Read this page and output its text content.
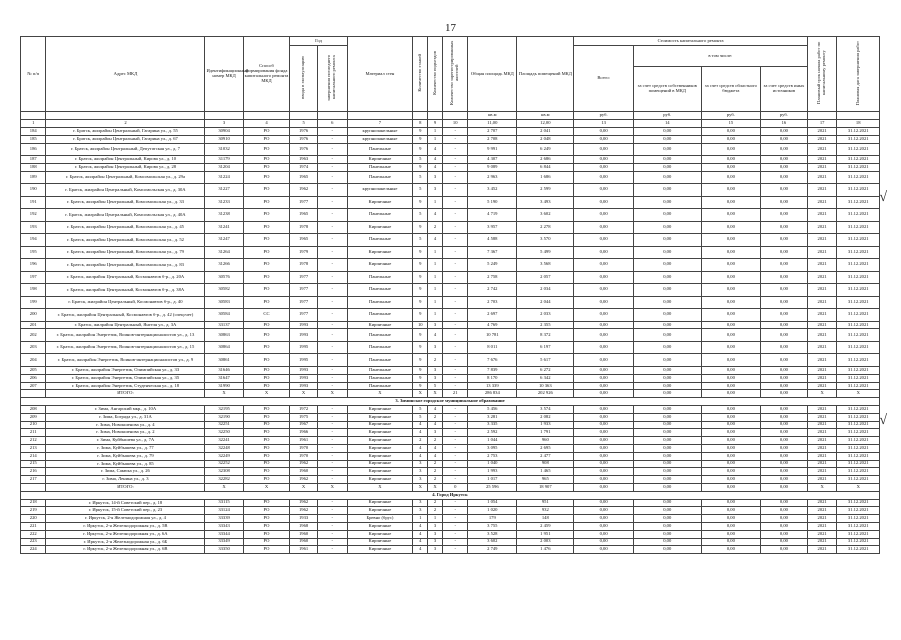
17
√
√
№ п/п	Адрес МКД	Идентификационный номер МКД	Способ формирования фонда капитального ремонта МКД	Год		Материал стен	Количество этажей	Количество подъездов	Количество зарегистрированных жителей	Общая площадь МКД	Площадь помещений МКД	Стоимость капитального ремонта				Плановый срок начала работ по капитальному ремонту	Плановая дата завершения работ
				ввода в эксплуатацию	завершения последнего капитального ремонта							Всего:	в том числе:				
													за счет средств собственников помещений в МКД	за счет средств областного бюджета	за счет средств иных источников		
										кв.м	кв.м	руб.	руб.	руб.	руб.		
1	2	3	4	5	6	7	8	9	10	11,00	12,00	13	14	15	16	17	18
184	г. Братск, жилрайон Центральный, Гагарина ул., д. 55	30904	РО	1976	-	крупнопанельные	9	1	-	2 707	2 041	0,00	0,00	0,00	0,00	2021	31.12.2021
185	г. Братск, жилрайон Центральный, Гагарина ул., д. 67	30910	РО	1976	-	крупнопанельные	9	1	-	2 708	2 048	0,00	0,00	0,00	0,00	2021	31.12.2021
186	г. Братск, жилрайон Центральный, Депутатская ул., д. 7	31032	РО	1976	-	Панельные	9	4	-	9 991	6 249	0,00	0,00	0,00	0,00	2021	31.12.2021
187	г. Братск, жилрайон Центральный, Кирова ул., д. 10	31179	РО	1963	-	Кирпичные	5	4	-	4 307	2 686	0,00	0,00	0,00	0,00	2021	31.12.2021
188	г. Братск, жилрайон Центральный, Кирова ул., д. 28	31204	РО	1974	-	Панельные	9	4	-	9 089	6 844	0,00	0,00	0,00	0,00	2021	31.12.2021
189	г. Братск, жилрайон Центральный, Комсомольская ул., д. 29а	31224	РО	1965	-	Панельные	5	3	-	2 963	1 686	0,00	0,00	0,00	0,00	2021	31.12.2021
190	г. Братск, жилрайон Центральный, Комсомольская ул., д. 30А	31227	РО	1962	-	крупнопанельные	5	3	-	3 452	2 599	0,00	0,00	0,00	0,00	2021	31.12.2021
191	г. Братск, жилрайон Центральный, Комсомольская ул., д. 33	31233	РО	1977	-	Кирпичные	9	1	-	5 190	3 493	0,00	0,00	0,00	0,00	2021	31.12.2021
192	г. Братск, жилрайон Центральный, Комсомольская ул., д. 40А	31238	РО	1965	-	Панельные	5	4	-	4 719	3 602	0,00	0,00	0,00	0,00	2021	31.12.2021
193	г. Братск, жилрайон Центральный, Комсомольская ул., д. 45	31241	РО	1978	-	Кирпичные	9	2	-	3 957	2 278	0,00	0,00	0,00	0,00	2021	31.12.2021
194	г. Братск, жилрайон Центральный, Комсомольская ул., д. 52	31247	РО	1965	-	Панельные	5	4	-	4 588	3 570	0,00	0,00	0,00	0,00	2021	31.12.2021
195	г. Братск, жилрайон Центральный, Комсомольская ул., д. 79	31264	РО	1979	-	Кирпичные	9	1	-	7 367	5 499	0,00	0,00	0,00	0,00	2021	31.12.2021
196	г. Братск, жилрайон Центральный, Комсомольская ул., д. 83	31266	РО	1978	-	Кирпичные	9	1	-	5 249	3 568	0,00	0,00	0,00	0,00	2021	31.12.2021
197	г. Братск, жилрайон Центральный, Космонавтов б-р., д. 20А	30576	РО	1977	-	Панельные	9	1	-	2 758	2 057	0,00	0,00	0,00	0,00	2021	31.12.2021
198	г. Братск, жилрайон Центральный, Космонавтов б-р., д. 38А	30582	РО	1977	-	Панельные	9	1	-	2 742	2 034	0,00	0,00	0,00	0,00	2021	31.12.2021
199	г. Братск, жилрайон Центральный, Космонавтов б-р., д. 40	30583	РО	1977	-	Панельные	9	1	-	2 703	2 044	0,00	0,00	0,00	0,00	2021	31.12.2021
200	г. Братск, жилрайон Центральный, Космонавтов б-р., д. 42 (спецсчет)	30584	СС	1977	-	Панельные	9	1	-	2 697	2 033	0,00	0,00	0,00	0,00	2021	31.12.2021
201	г. Братск, жилрайон Центральный, Янгеля ул., д. 3А	33137	РО	1993	-	Кирпичные	10	3	-	4 769	2 355	0,00	0,00	0,00	0,00	2021	31.12.2021
202	г. Братск, жилрайон Энергетик, Воинов-интернационалистов ул., д. 13	30863	РО	1993	-	Панельные	9	4	-	10 781	8 372	0,00	0,00	0,00	0,00	2021	31.12.2021
203	г. Братск, жилрайон Энергетик, Воинов-интернационалистов ул., д. 15	30864	РО	1995	-	Панельные	9	3	-	8 011	6 197	0,00	0,00	0,00	0,00	2021	31.12.2021
204	г. Братск, жилрайон Энергетик, Воинов-интернационалистов ул., д. 9	30861	РО	1995	-	Панельные	9	2	-	7 676	5 617	0,00	0,00	0,00	0,00	2021	31.12.2021
205	г. Братск, жилрайон Энергетик, Олимпийская ул., д. 33	31646	РО	1993	-	Панельные	9	3	-	7 839	6 272	0,00	0,00	0,00	0,00	2021	31.12.2021
206	г. Братск, жилрайон Энергетик, Олимпийская ул., д. 35	31647	РО	1993	-	Панельные	9	3	-	8 170	6 342	0,00	0,00	0,00	0,00	2021	31.12.2021
207	г. Братск, жилрайон Энергетик, Студенческая ул., д. 18	31990	РО	1993	-	Панельные	9	5	-	13 339	10 363	0,00	0,00	0,00	0,00	2021	31.12.2021
	ИТОГО:	X	X	X	X	X	X	X	21	286 834	202 926	0,00	0,00	0,00	0,00	X	X
3. Зиминское городское муниципальное образование																	
208	г. Зима, Ангарский мкр., д. 10А	32195	РО	1972	-	Кирпичные	5	4	-	5 456	3 574	0,00	0,00	0,00	0,00	2021	31.12.2021
209	г. Зима, Бограда ул., д. 31А	32190	РО	1975	-	Кирпичные	5	2	-	3 281	2 082	0,00	0,00	0,00	0,00	2021	31.12.2021
210	г. Зима, Новокшенова ул., д. 4	32251	РО	1967	-	Кирпичные	4	4	-	3 335	1 933	0,00	0,00	0,00	0,00	2021	31.12.2021
211	г. Зима, Новокшенова ул., д. 2	32250	РО	1966	-	Кирпичные	4	3	-	2 592	1 791	0,00	0,00	0,00	0,00	2021	31.12.2021
212	г. Зима, Куйбышева ул., д. 7А	32241	РО	1961	-	Кирпичные	2	2	-	1 044	960	0,00	0,00	0,00	0,00	2021	31.12.2021
213	г. Зима, Куйбышева ул., д. 77	32248	РО	1970	-	Кирпичные	4	4	-	3 095	2 695	0,00	0,00	0,00	0,00	2021	31.12.2021
214	г. Зима, Куйбышева ул., д. 79	32249	РО	1970	-	Кирпичные	4	4	-	2 753	2 477	0,00	0,00	0,00	0,00	2021	31.12.2021
215	г. Зима, Куйбышева ул., д. 85	32252	РО	1962	-	Кирпичные	3	2	-	1 040	908	0,00	0,00	0,00	0,00	2021	31.12.2021
216	г. Зима, Сакюка ул., д. 26	32308	РО	1960	-	Кирпичные	3	2	-	1 993	1 465	0,00	0,00	0,00	0,00	2021	31.12.2021
217	г. Зима, Ленина ул., д. 3	32282	РО	1962	-	Кирпичные	3	2	-	1 017	965	0,00	0,00	0,00	0,00	2021	31.12.2021
	ИТОГО:	X	X	X	X	X	X	X	0	25 596	18 907	0,00	0,00	0,00	0,00	X	X
4. Город Иркутск																	
218	г. Иркутск, 14-й Советский пер., д. 18	33115	РО	1962	-	Кирпичные	3	2	-	1 054	951	0,00	0,00	0,00	0,00	2021	31.12.2021
219	г. Иркутск, 15-й Советский пер., д. 23	33124	РО	1962	-	Кирпичные	3	2	-	1 020	932	0,00	0,00	0,00	0,00	2021	31.12.2021
220	г. Иркутск, 2-я Железнодорожная ул., д. 4	33339	РО	1933	-	Бревно (брус)	1	1	-	179	148	0,00	0,00	0,00	0,00	2021	31.12.2021
221	г. Иркутск, 2-я Железнодорожная ул., д. 5В	33343	РО	1968	-	Кирпичные	4	3	-	3 755	2 459	0,00	0,00	0,00	0,00	2021	31.12.2021
222	г. Иркутск, 2-я Железнодорожная ул., д. 6А	33344	РО	1960	-	Кирпичные	4	3	-	3 528	1 951	0,00	0,00	0,00	0,00	2021	31.12.2021
223	г. Иркутск, 2-я Железнодорожная ул., д. 6Б	33349	РО	1960	-	Кирпичные	4	3	-	3 602	2 003	0,00	0,00	0,00	0,00	2021	31.12.2021
224	г. Иркутск, 2-я Железнодорожная ул., д. 6В	33350	РО	1961	-	Кирпичные	4	3	-	2 749	1 476	0,00	0,00	0,00	0,00	2021	31.12.2021
